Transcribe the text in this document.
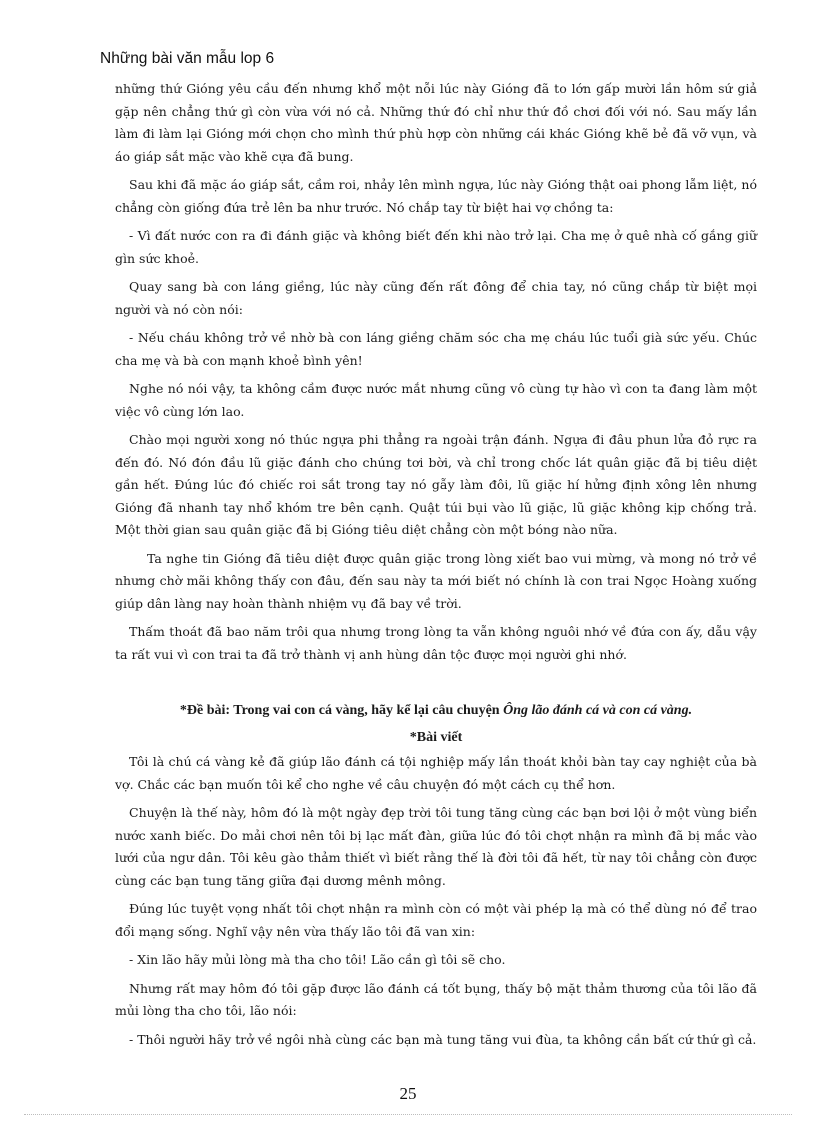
Những bài văn mẫu lop 6

những thứ Gióng yêu cầu đến nhưng khổ một nỗi lúc này Gióng đã to lớn gấp mười lần hôm sứ giả gặp nên chẳng thứ gì còn vừa với nó cả. Những thứ đó chỉ như thứ đồ chơi đối với nó. Sau mấy lần làm đi làm lại Gióng mới chọn cho mình thứ phù hợp còn những cái khác Gióng khẽ bẻ đã vỡ vụn, và áo giáp sắt mặc vào khẽ cựa đã bung.

Sau khi đã mặc áo giáp sắt, cầm roi, nhảy lên mình ngựa, lúc này Gióng thật oai phong lẫm liệt, nó chẳng còn giống đứa trẻ lên ba như trước. Nó chắp tay từ biệt hai vợ chồng ta:

- Vì đất nước con ra đi đánh giặc và không biết đến khi nào trở lại. Cha mẹ ở quê nhà cố gắng giữ gìn sức khoẻ.

Quay sang bà con láng giềng, lúc này cũng đến rất đông để chia tay, nó cũng chắp từ biệt mọi người và nó còn nói:

- Nếu cháu không trở về nhờ bà con láng giềng chăm sóc cha mẹ cháu lúc tuổi già sức yếu. Chúc cha mẹ và bà con mạnh khoẻ bình yên!

Nghe nó nói vậy, ta không cầm được nước mắt nhưng cũng vô cùng tự hào vì con ta đang làm một việc vô cùng lớn lao.

Chào mọi người xong nó thúc ngựa phi thẳng ra ngoài trận đánh. Ngựa đi đâu phun lửa đỏ rực ra đến đó. Nó đón đầu lũ giặc đánh cho chúng tơi bời, và chỉ trong chốc lát quân giặc đã bị tiêu diệt gần hết. Đúng lúc đó chiếc roi sắt trong tay nó gẫy làm đôi, lũ giặc hí hửng định xông lên nhưng Gióng đã nhanh tay nhổ khóm tre bên cạnh. Quật túi bụi vào lũ giặc, lũ giặc không kịp chống trả. Một thời gian sau quân giặc đã bị Gióng tiêu diệt chẳng còn một bóng nào nữa.

Ta nghe tin Gióng đã tiêu diệt được quân giặc trong lòng xiết bao vui mừng, và mong nó trở về nhưng chờ mãi không thấy con đâu, đến sau này ta mới biết nó chính là con trai Ngọc Hoàng xuống giúp dân làng nay hoàn thành nhiệm vụ đã bay về trời.

Thấm thoát đã bao năm trôi qua nhưng trong lòng ta vẫn không nguôi nhớ về đứa con ấy, dẫu vậy ta rất vui vì con trai ta đã trở thành vị anh hùng dân tộc được mọi người ghi nhớ.

*Đề bài: Trong vai con cá vàng, hãy kể lại câu chuyện Ông lão đánh cá và con cá vàng.

*Bài viết

Tôi là chú cá vàng kẻ đã giúp lão đánh cá tội nghiệp mấy lần thoát khỏi bàn tay cay nghiệt của bà vợ. Chắc các bạn muốn tôi kể cho nghe về câu chuyện đó một cách cụ thể hơn.

Chuyện là thế này, hôm đó là một ngày đẹp trời tôi tung tăng cùng các bạn bơi lội ở một vùng biển nước xanh biếc. Do mải chơi nên tôi bị lạc mất đàn, giữa lúc đó tôi chợt nhận ra mình đã bị mắc vào lưới của ngư dân. Tôi kêu gào thảm thiết vì biết rằng thế là đời tôi đã hết, từ nay tôi chẳng còn được cùng các bạn tung tăng giữa đại dương mênh mông.

Đúng lúc tuyệt vọng nhất tôi chợt nhận ra mình còn có một vài phép lạ mà có thể dùng nó để trao đổi mạng sống. Nghĩ vậy nên vừa thấy lão tôi đã van xin:

- Xin lão hãy mủi lòng mà tha cho tôi! Lão cần gì tôi sẽ cho.

Nhưng rất may hôm đó tôi gặp được lão đánh cá tốt bụng, thấy bộ mặt thảm thương của tôi lão đã mủi lòng tha cho tôi, lão nói:

- Thôi người hãy trở về ngôi nhà cùng các bạn mà tung tăng vui đùa, ta không cần bất cứ thứ gì cả.

25
